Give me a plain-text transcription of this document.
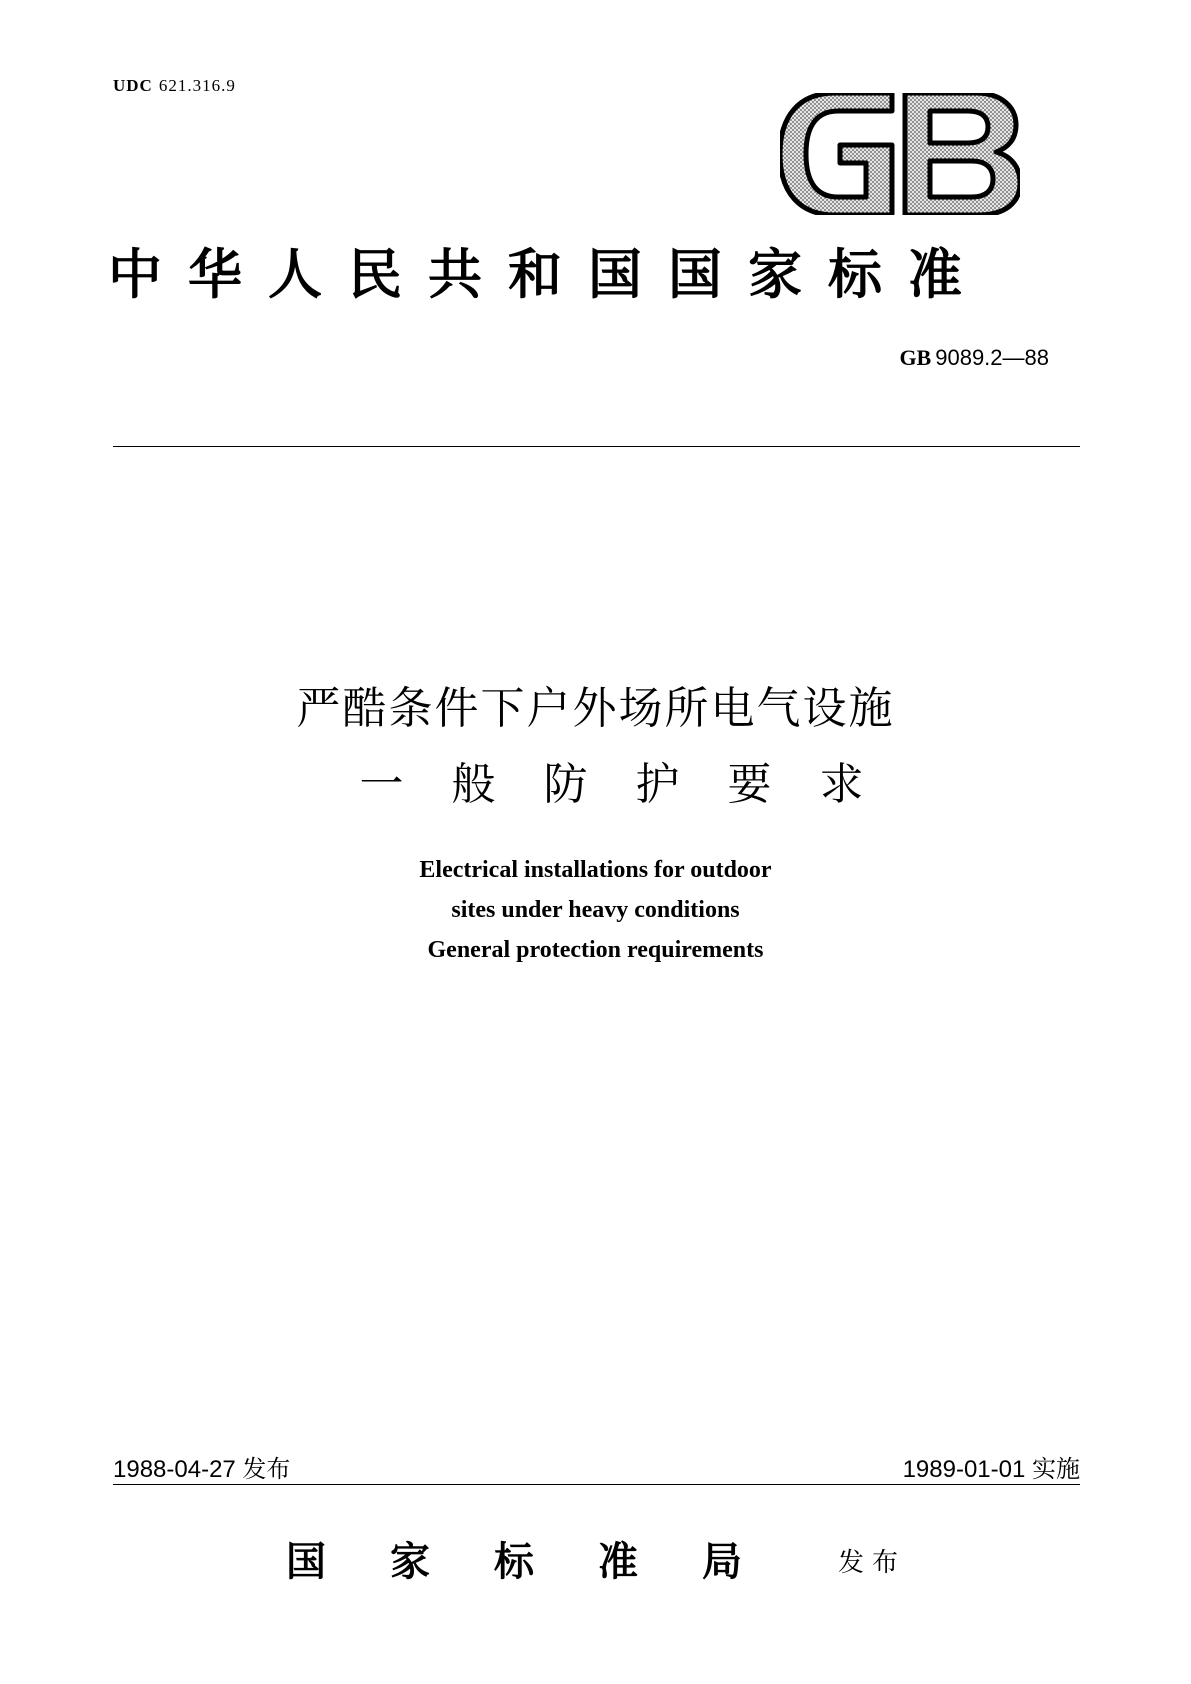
UDC 621.316.9
中华人民共和国国家标准
GB 9089.2—88
严酷条件下户外场所电气设施
一般防护要求
Electrical installations for outdoor
sites under heavy conditions
General protection requirements
1988-04-27 发布	1989-01-01 实施
国家标准局 发布
